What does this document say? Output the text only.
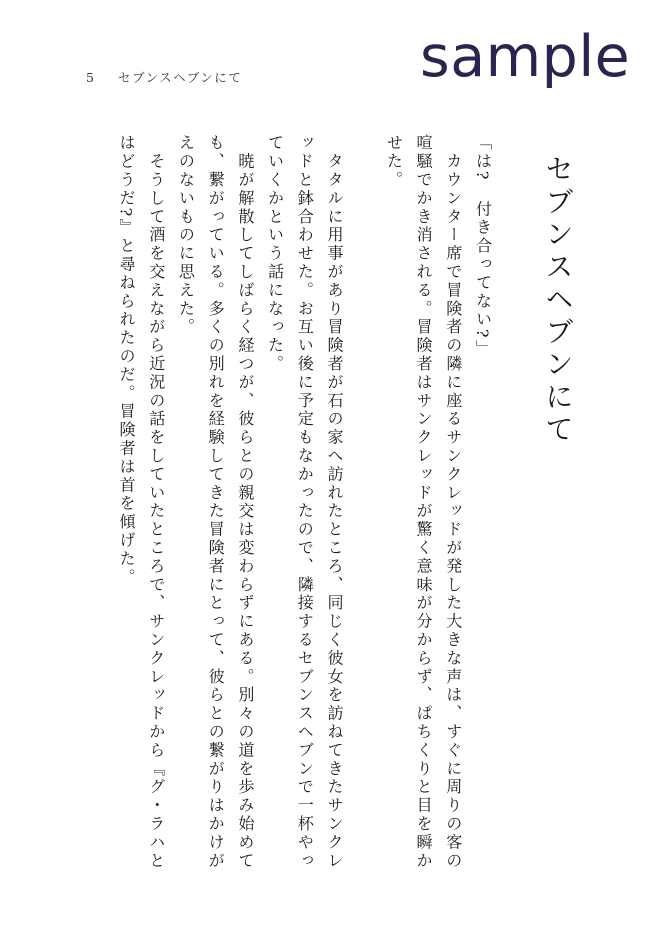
5	セブンスヘブンにて	sample
セブンスヘブンにて
「は?　付き合ってない?」
　カウンター席で冒険者の隣に座るサンクレッドが発した大きな声は、すぐに周りの客の
喧騒でかき消される。冒険者はサンクレッドが驚く意味が分からず、ぱちくりと目を瞬か
せた。
　タタルに用事があり冒険者が石の家へ訪れたところ、同じく彼女を訪ねてきたサンクレ
ッドと鉢合わせた。お互い後に予定もなかったので、隣接するセブンスヘブンで一杯やっ
ていくかという話になった。
　暁が解散してしばらく経つが、彼らとの親交は変わらずにある。別々の道を歩み始めて
も、繋がっている。多くの別れを経験してきた冒険者にとって、彼らとの繋がりはかけが
えのないものに思えた。
　そうして酒を交えながら近況の話をしていたところで、サンクレッドから『グ・ラハと
はどうだ?』と尋ねられたのだ。冒険者は首を傾げた。
